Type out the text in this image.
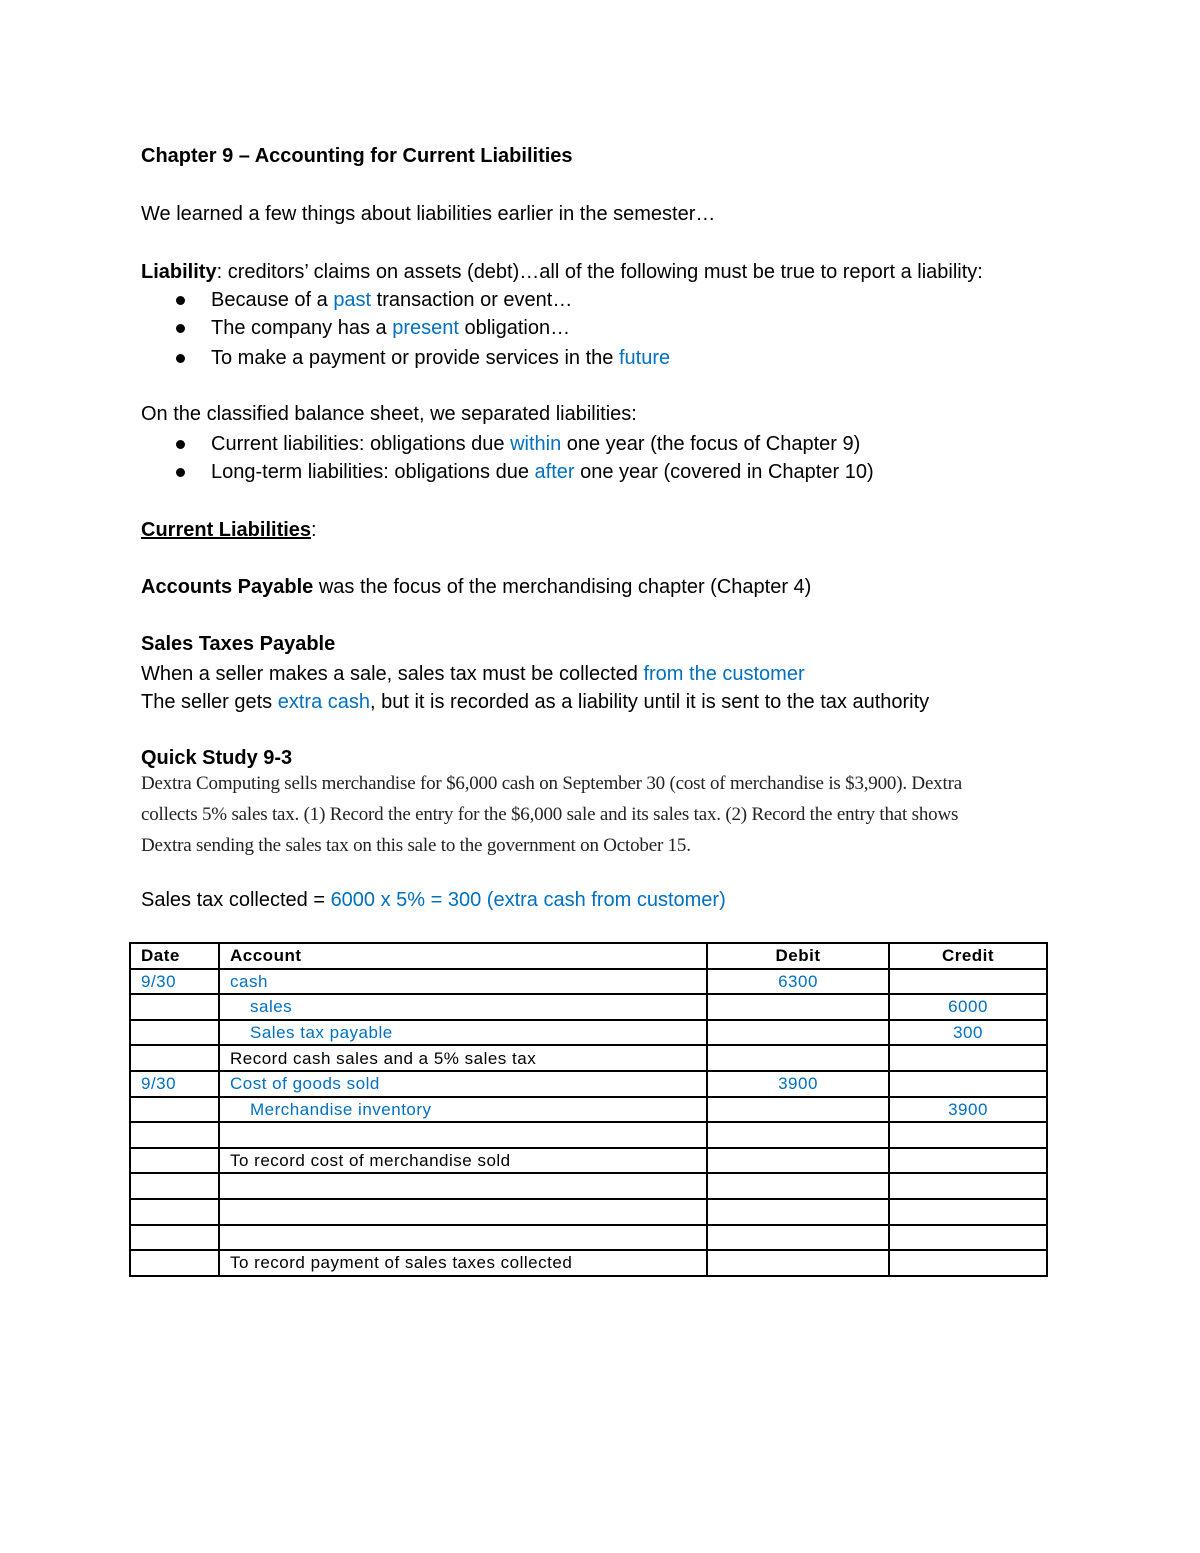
Chapter 9 – Accounting for Current Liabilities
We learned a few things about liabilities earlier in the semester…
Liability: creditors’ claims on assets (debt)…all of the following must be true to report a liability:
On the classified balance sheet, we separated liabilities:
Current Liabilities:
Accounts Payable was the focus of the merchandising chapter (Chapter 4)
Sales Taxes Payable
When a seller makes a sale, sales tax must be collected from the customer
The seller gets extra cash, but it is recorded as a liability until it is sent to the tax authority
Quick Study 9-3
Dextra Computing sells merchandise for $6,000 cash on September 30 (cost of merchandise is $3,900). Dextra
collects 5% sales tax. (1) Record the entry for the $6,000 sale and its sales tax. (2) Record the entry that shows
Dextra sending the sales tax on this sale to the government on October 15.
Sales tax collected = 6000 x 5% = 300 (extra cash from customer)
Date	Account	Debit	Credit
9/30	cash	6300	
	sales		6000
	Sales tax payable		300
	Record cash sales and a 5% sales tax		
9/30	Cost of goods sold	3900	
	Merchandise inventory		3900

	To record cost of merchandise sold		

	To record payment of sales taxes collected		
Because of a past transaction or event…
The company has a present obligation…
To make a payment or provide services in the future
Current liabilities: obligations due within one year (the focus of Chapter 9)
Long-term liabilities: obligations due after one year (covered in Chapter 10)
